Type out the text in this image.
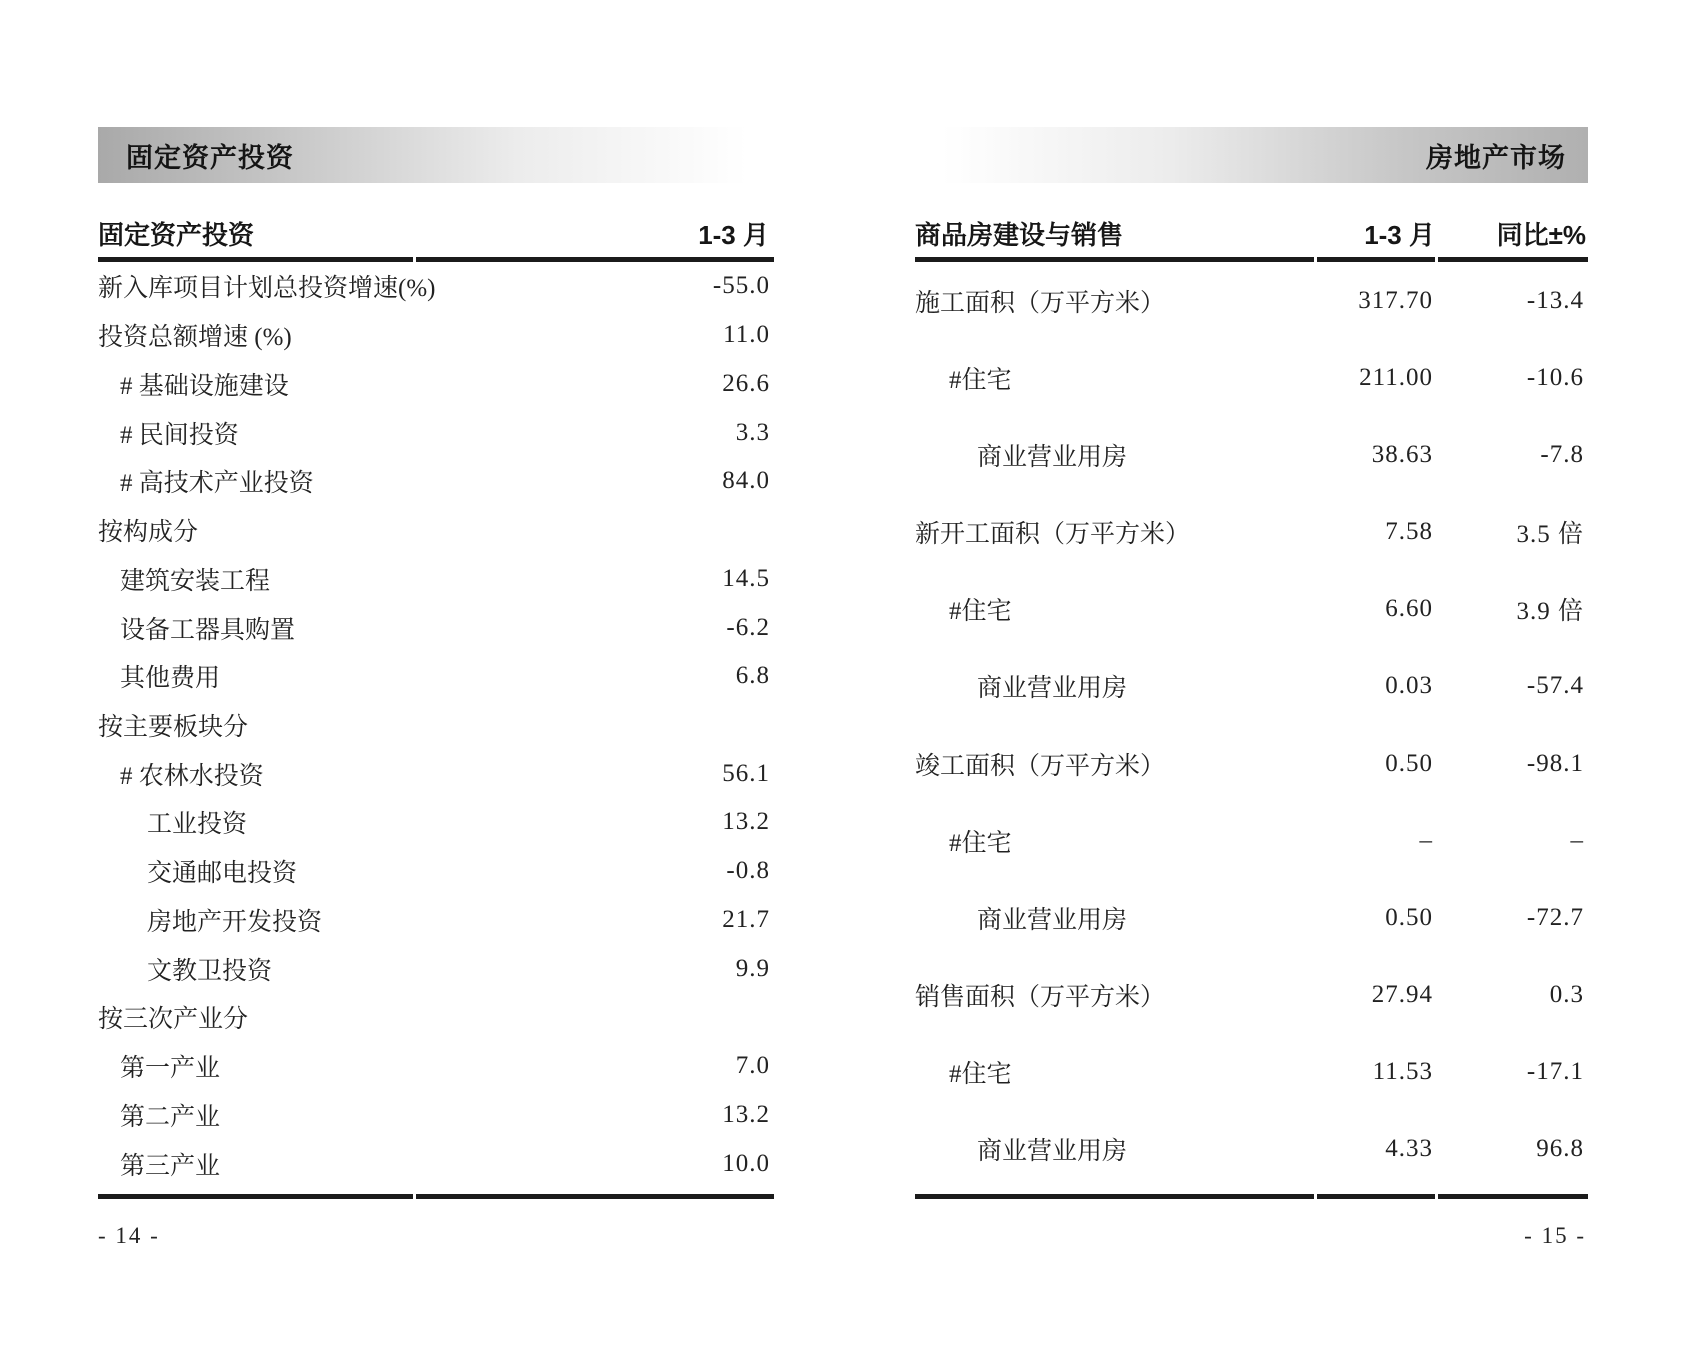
固定资产投资
固定资产投资	1-3 月
新入库项目计划总投资增速(%)	-55.0
投资总额增速 (%)	11.0
# 基础设施建设	26.6
# 民间投资	3.3
# 高技术产业投资	84.0
按构成分
建筑安装工程	14.5
设备工器具购置	-6.2
其他费用	6.8
按主要板块分
# 农林水投资	56.1
工业投资	13.2
交通邮电投资	-0.8
房地产开发投资	21.7
文教卫投资	9.9
按三次产业分
第一产业	7.0
第二产业	13.2
第三产业	10.0
- 14 -
房地产市场
商品房建设与销售	1-3 月	同比±%
施工面积（万平方米）	317.70	-13.4
#住宅	211.00	-10.6
商业营业用房	38.63	-7.8
新开工面积（万平方米）	7.58	3.5 倍
#住宅	6.60	3.9 倍
商业营业用房	0.03	-57.4
竣工面积（万平方米）	0.50	-98.1
#住宅	–	–
商业营业用房	0.50	-72.7
销售面积（万平方米）	27.94	0.3
#住宅	11.53	-17.1
商业营业用房	4.33	96.8
- 15 -
